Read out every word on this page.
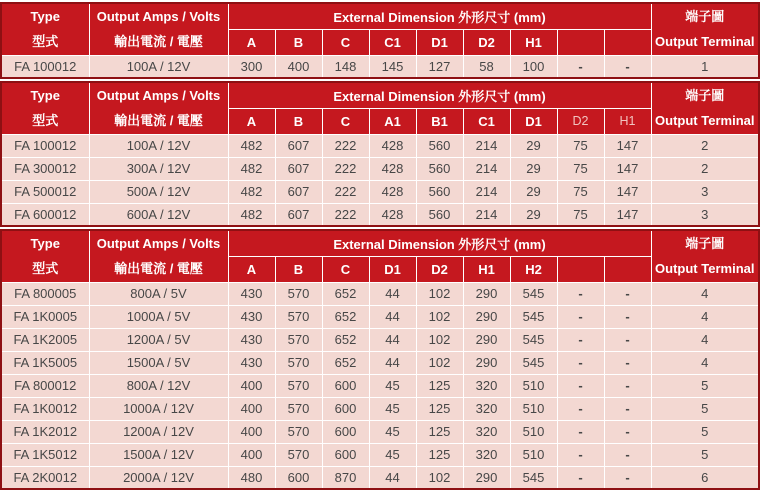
Type
型式

Output Amps / Volts
輸出電流 / 電壓
	External Dimension 外形尺寸 (mm)	端子圖
Output Terminal

		A	B	C	C1	D1	D2	H1			
FA 100012	100A / 12V	300	400	148	145	127	58	100	-	-	1
Type
型式

Output Amps / Volts
輸出電流 / 電壓
	External Dimension 外形尺寸 (mm)	端子圖
Output Terminal

		A	B	C	A1	B1	C1	D1	D2	H1	
FA 100012	100A / 12V	482	607	222	428	560	214	29	75	147	2
FA 300012	300A / 12V	482	607	222	428	560	214	29	75	147	2
FA 500012	500A / 12V	482	607	222	428	560	214	29	75	147	3
FA 600012	600A / 12V	482	607	222	428	560	214	29	75	147	3
Type
型式

Output Amps / Volts
輸出電流 / 電壓
	External Dimension 外形尺寸 (mm)	端子圖
Output Terminal

		A	B	C	D1	D2	H1	H2			
FA 800005	800A / 5V	430	570	652	44	102	290	545	-	-	4
FA 1K0005	1000A / 5V	430	570	652	44	102	290	545	-	-	4
FA 1K2005	1200A / 5V	430	570	652	44	102	290	545	-	-	4
FA 1K5005	1500A / 5V	430	570	652	44	102	290	545	-	-	4
FA 800012	800A / 12V	400	570	600	45	125	320	510	-	-	5
FA 1K0012	1000A / 12V	400	570	600	45	125	320	510	-	-	5
FA 1K2012	1200A / 12V	400	570	600	45	125	320	510	-	-	5
FA 1K5012	1500A / 12V	400	570	600	45	125	320	510	-	-	5
FA 2K0012	2000A / 12V	480	600	870	44	102	290	545	-	-	6
